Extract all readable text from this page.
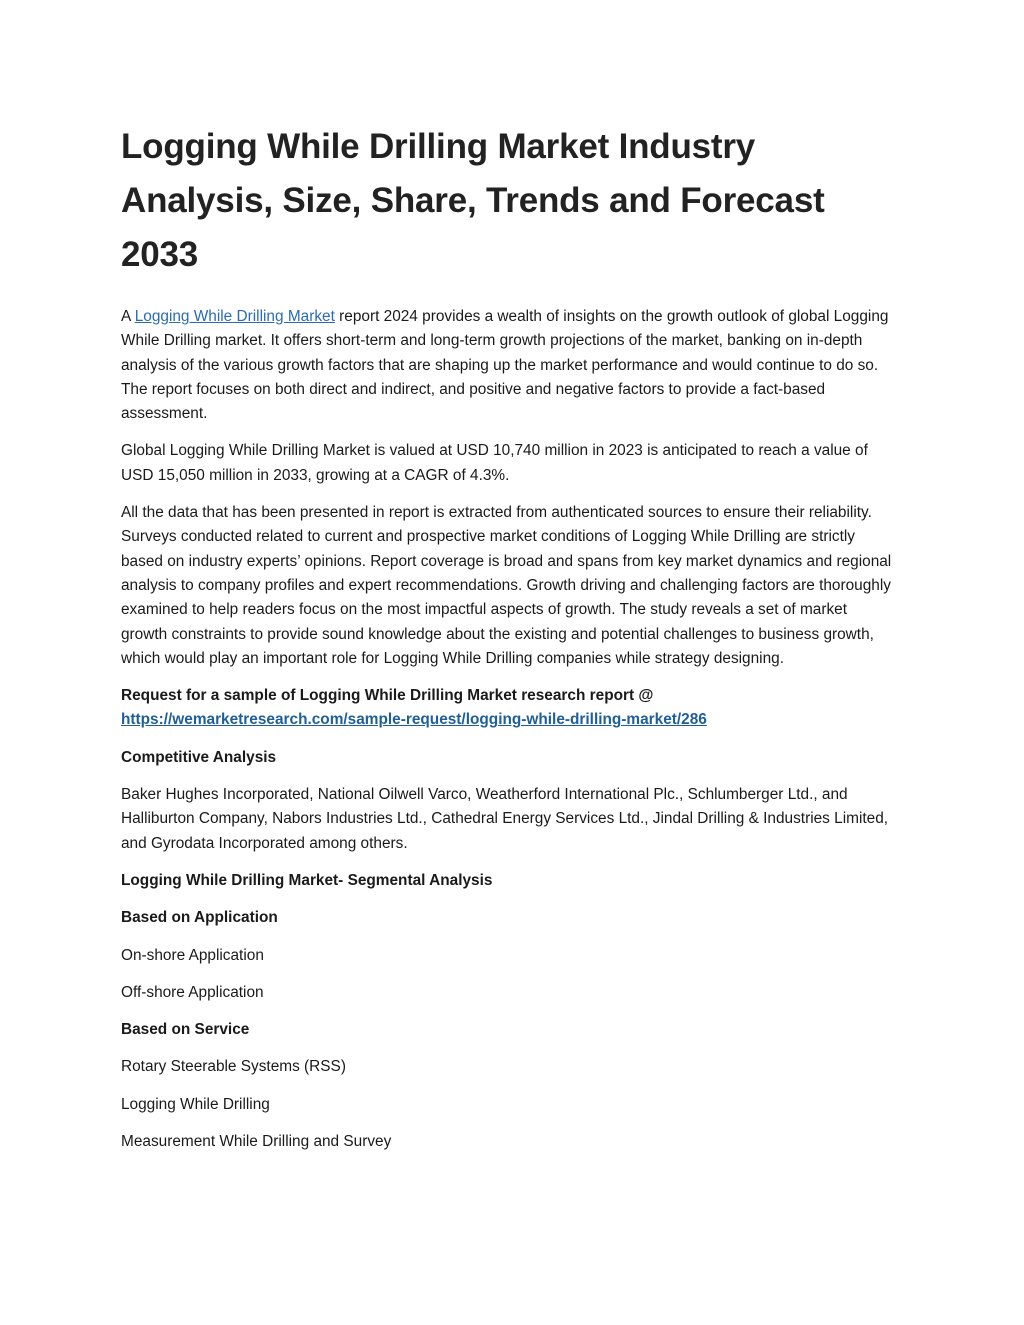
Logging While Drilling Market Industry Analysis, Size, Share, Trends and Forecast 2033

A Logging While Drilling Market report 2024 provides a wealth of insights on the growth outlook of global Logging While Drilling market. It offers short-term and long-term growth projections of the market, banking on in-depth analysis of the various growth factors that are shaping up the market performance and would continue to do so. The report focuses on both direct and indirect, and positive and negative factors to provide a fact-based assessment.

Global Logging While Drilling Market is valued at USD 10,740 million in 2023 is anticipated to reach a value of USD 15,050 million in 2033, growing at a CAGR of 4.3%.

All the data that has been presented in report is extracted from authenticated sources to ensure their reliability. Surveys conducted related to current and prospective market conditions of Logging While Drilling are strictly based on industry experts’ opinions. Report coverage is broad and spans from key market dynamics and regional analysis to company profiles and expert recommendations. Growth driving and challenging factors are thoroughly examined to help readers focus on the most impactful aspects of growth. The study reveals a set of market growth constraints to provide sound knowledge about the existing and potential challenges to business growth, which would play an important role for Logging While Drilling companies while strategy designing.

Request for a sample of Logging While Drilling Market research report @
https://wemarketresearch.com/sample-request/logging-while-drilling-market/286

Competitive Analysis

Baker Hughes Incorporated, National Oilwell Varco, Weatherford International Plc., Schlumberger Ltd., and Halliburton Company, Nabors Industries Ltd., Cathedral Energy Services Ltd., Jindal Drilling & Industries Limited, and Gyrodata Incorporated among others.

Logging While Drilling Market- Segmental Analysis

Based on Application

On-shore Application

Off-shore Application

Based on Service

Rotary Steerable Systems (RSS)

Logging While Drilling

Measurement While Drilling and Survey
